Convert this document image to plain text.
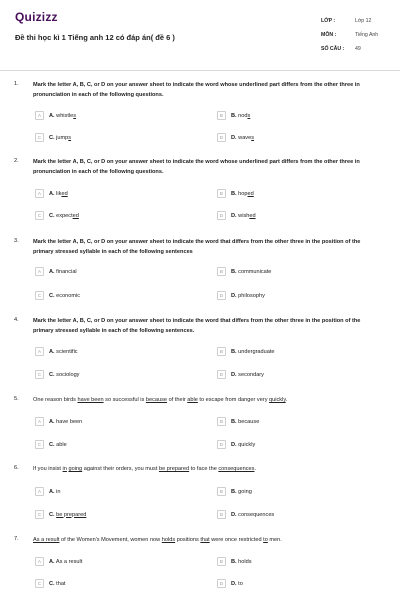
Quizizz
Đề thi học kì 1 Tiếng anh 12 có đáp án( đề 6 )
LỚP :	Lớp 12
MÔN :	Tiếng Anh
SỐ CÂU :	49
1.	Mark the letter A, B, C, or D on your answer sheet to indicate the word whose underlined part differs from the other three in pronunciation in each of the following questions.
A	A. whistles	B	B. nods
C	C. jumps	D	D. waves
2.	Mark the letter A, B, C, or D on your answer sheet to indicate the word whose underlined part differs from the other three in pronunciation in each of the following questions.
A	A. liked	B	B. hoped
C	C. expected	D	D. wished
3.	Mark the letter A, B, C, or D on your answer sheet to indicate the word that differs from the other three in the position of the primary stressed syllable in each of the following sentences
A	A. financial	B	B. communicate
C	C. economic	D	D. philosophy
4.	Mark the letter A, B, C, or D on your answer sheet to indicate the word that differs from the other three in the position of the primary stressed syllable in each of the following sentences.
A	A. scientific	B	B. undergraduate
C	C. sociology	D	D. secondary
5.	One reason birds have been so successful is because of their able to escape from danger very quickly.
A	A. have been	B	B. because
C	C. able	D	D. quickly
6.	If you insist in going against their orders, you must be prepared to face the consequences.
A	A. in	B	B. going
C	C. be prepared	D	D. consequences
7.	As a result of the Women's Movement, women now holds positions that were once restricted to men.
A	A. As a result	B	B. holds
C	C. that	D	D. to
